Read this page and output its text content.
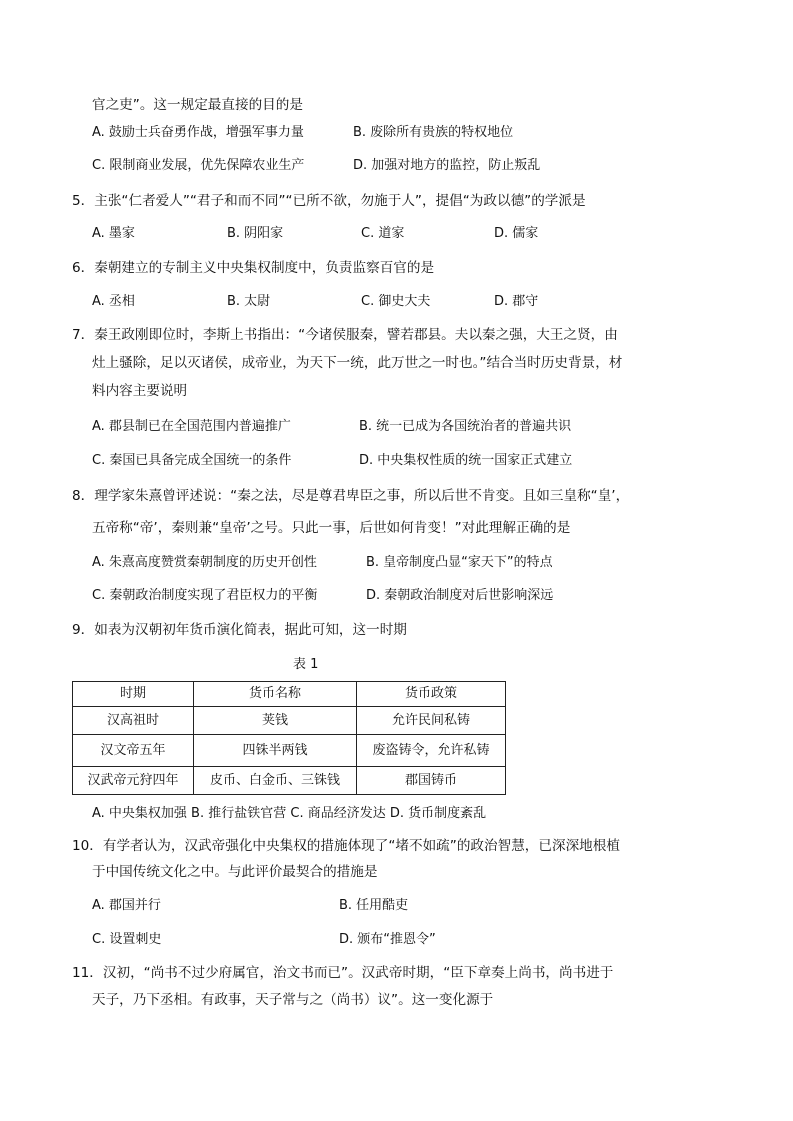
官之吏”。这一规定最直接的目的是
A. 鼓励士兵奋勇作战，增强军事力量	B. 废除所有贵族的特权地位
C. 限制商业发展，优先保障农业生产	D. 加强对地方的监控，防止叛乱
5．主张“仁者爱人”“君子和而不同”“已所不欲，勿施于人”，提倡“为政以德”的学派是
A. 墨家	B. 阴阳家	C. 道家	D. 儒家
6．秦朝建立的专制主义中央集权制度中，负责监察百官的是
A. 丞相	B. 太尉	C. 御史大夫	D. 郡守
7．秦王政刚即位时，李斯上书指出：“今诸侯服秦，譬若郡县。夫以秦之强，大王之贤，由
灶上骚除，足以灭诸侯，成帝业，为天下一统，此万世之一时也。”结合当时历史背景，材
料内容主要说明
A. 郡县制已在全国范围内普遍推广	B. 统一已成为各国统治者的普遍共识
C. 秦国已具备完成全国统一的条件	D. 中央集权性质的统一国家正式建立
8．理学家朱熹曾评述说：“秦之法，尽是尊君卑臣之事，所以后世不肯变。且如三皇称“皇’，
五帝称“帝’，秦则兼“皇帝’之号。只此一事，后世如何肯变！”对此理解正确的是
A. 朱熹高度赞赏秦朝制度的历史开创性	B. 皇帝制度凸显“家天下”的特点
C. 秦朝政治制度实现了君臣权力的平衡	D. 秦朝政治制度对后世影响深远
9．如表为汉朝初年货币演化简表，据此可知，这一时期
表 1
时期	货币名称	货币政策
汉高祖时	荚钱	允许民间私铸
汉文帝五年	四铢半两钱	废盗铸令，允许私铸
汉武帝元狩四年	皮币、白金币、三铢钱	郡国铸币
A. 中央集权加强 B. 推行盐铁官营 C. 商品经济发达 D. 货币制度紊乱
10．有学者认为，汉武帝强化中央集权的措施体现了“堵不如疏”的政治智慧，已深深地根植
于中国传统文化之中。与此评价最契合的措施是
A. 郡国并行	B. 任用酷吏
C. 设置刺史	D. 颁布“推恩令”
11．汉初，“尚书不过少府属官，治文书而已”。汉武帝时期，“臣下章奏上尚书，尚书进于
天子，乃下丞相。有政事，天子常与之（尚书）议”。这一变化源于
